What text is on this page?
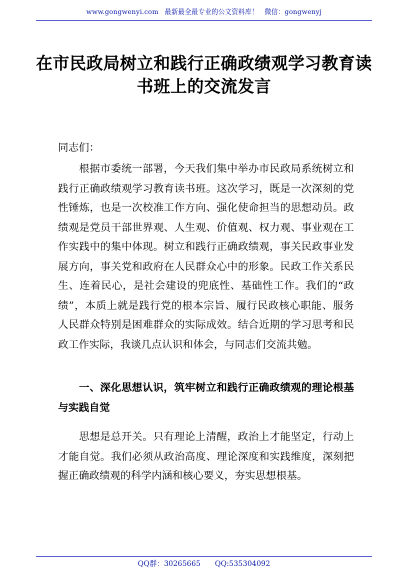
www.gongwenyi.com 最新最全最专业的公文资料库！ 微信：gongwenyj
在市民政局树立和践行正确政绩观学习教育读书班上的交流发言
同志们：
根据市委统一部署，今天我们集中举办市民政局系统树立和践行正确政绩观学习教育读书班。这次学习，既是一次深刻的党性锤炼，也是一次校准工作方向、强化使命担当的思想动员。政绩观是党员干部世界观、人生观、价值观、权力观、事业观在工作实践中的集中体现。树立和践行正确政绩观，事关民政事业发展方向，事关党和政府在人民群众心中的形象。民政工作关系民生、连着民心，是社会建设的兜底性、基础性工作。我们的“政绩”，本质上就是践行党的根本宗旨、履行民政核心职能、服务人民群众特别是困难群众的实际成效。结合近期的学习思考和民政工作实际，我谈几点认识和体会，与同志们交流共勉。
一、深化思想认识，筑牢树立和践行正确政绩观的理论根基与实践自觉
思想是总开关。只有理论上清醒，政治上才能坚定，行动上才能自觉。我们必须从政治高度、理论深度和实践维度，深刻把握正确政绩观的科学内涵和核心要义，夯实思想根基。
QQ群：30265665 QQ:535304092
